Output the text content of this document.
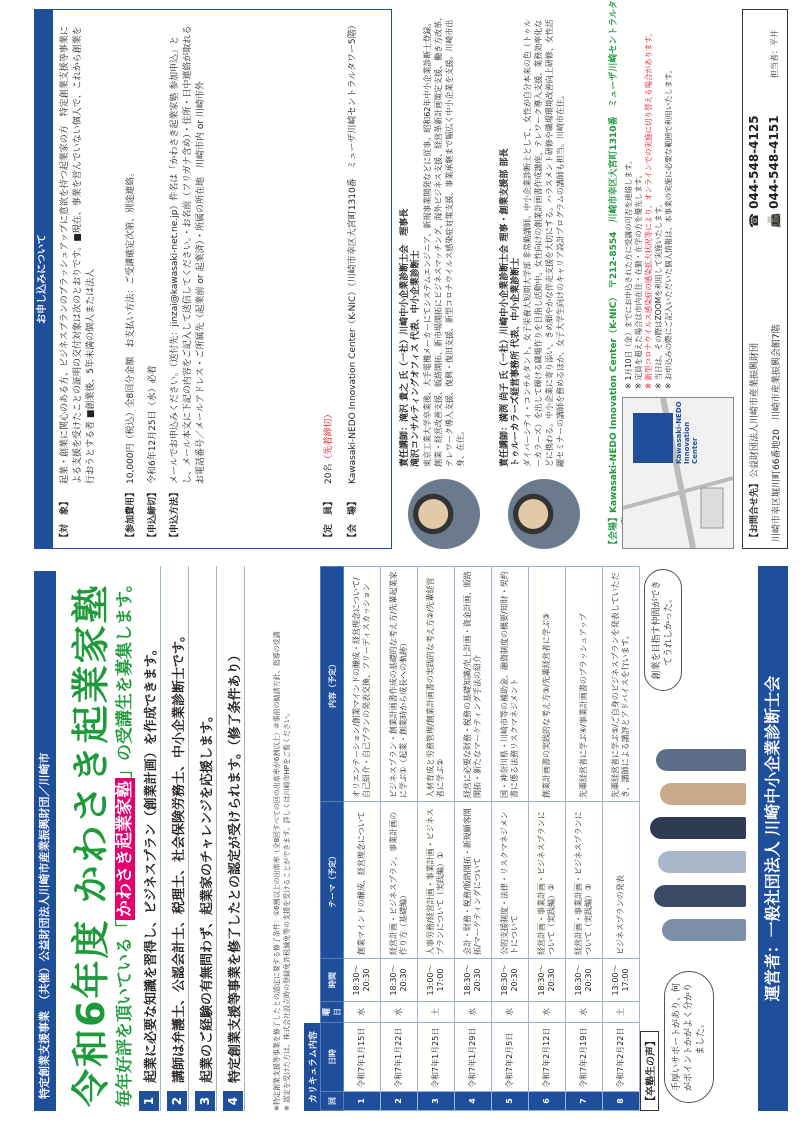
特定創業支援事業　（共催）公益財団法人川崎市産業振興財団／川崎市 令和6年度 かわさき起業家塾 毎年好評を頂いている「かわさき起業家塾」の受講生を募集します。
1
起業に必要な知識を習得し、ビジネスプラン（創業計画）を作成できます。
2
講師は弁護士、公認会計士、税理士、社会保険労務士、中小企業診断士です。
3
起業のご経験の有無問わず、起業家のチャレンジを応援します。
4
特定創業支援等事業を修了したとの認定が受けられます。（修了条件あり）	※特定創業支援等事業を修了したとの認定に要する修了条件：①6割以上の出席率（全8回すべての回の出席率が6割以上）②事前の勧誘方針、指導の受講 ※ 認定を受けた方は、株式会社設立時の登録免許税減免等の支援を受けることができます。詳しくは川崎市HPをご覧ください。	カリキュラム内容 回	日時	曜日	時間	テーマ（予定）	内容（予定）
1	令和7年1月15日	水	18:30～20:30	創業マインドの醸成、経営理念について	オリエンテーション/創業マインドの醸成・経営理念について/自己紹介・自己プランの発表交換、フリーディスカッション
2	令和7年1月22日	水	18:30～20:30	経営計画・ビジネスプラン、事業計画の作り方（基礎編）	ビジネスプラン・創業計画書作成の基礎的な考え方/先輩起業家に学ぶ①（起業・創業時から成長への軌跡）
3	令和7年1月25日	土	13:00～17:00	人事労務/経営計画・事業計画・ビジネスプランについて（実践編）①	人材育成と労務管理/創業計画書の実践的な考え方②/先輩経営者に学ぶ②
4	令和7年1月29日	水	18:30～20:30	会計・財務・税務/販路開拓・新規顧客開拓/マーケティングについて	経営に必要な財務・税務の基礎知識/売上計画・資金計画、販路開拓・新たなマーケティング手法の紹介
5	令和7年2月5日	水	18:30～20:30	公的支援制度・法律・リスクマネジメントについて	国・神奈川県・川崎市等の補助金、融資制度の概要/知財・契約書に係る法務リスクマネジメント
6	令和7年2月12日	水	18:30～20:30	経営計画・事業計画・ビジネスプランについて（実践編）②	創業計画書の実践的な考え方③/先輩経営者に学ぶ③
7	令和7年2月19日	水	18:30～20:30	経営計画・事業計画・ビジネスプランについて（実践編）③	先輩経営者に学ぶ④/事業計画書のブラッシュアップ
8	令和7年2月22日	土	13:00～17:00	ビジネスプランの発表	先輩経営者に学ぶ⑤/ご自身のビジネスプランを発表していただき、講師による講評とアドバイスを行います。
【卒塾生の声】	手厚いサポートがあり、何がポイントかがよく分かりました。
創業を目指す仲間ができてうれしかった。
運営者：一般社団法人 川崎中小企業診断士会
お申し込みについて
【対　象】起業・創業に関心のある方、ビジネスプランのブラッシュアップに意欲を持つ起業家の方　特定創業支援等事業による支援を受けたことの証明の交付対象は次のとおりです。■現在、事業を営んでいない個人で、これから創業を行おうとする者 ■創業後、5年未満の個人または法人
【参加費用】10,000円（税込）全8回分金額　お支払い方法：ご受講確定次第、別途連絡。
【申込締切】令和6年12月25日（水）必着
【申込方法】メールでお申込みください。（送付先：jinzai@kawasaki-net.ne.jp）件名は「かわさき起業家塾 参加申込」とし、メール本文に下記の内容をご記入して送信してください。・お名前（フリガナ含め）・住所・日中連絡が取れるお電話番号／メールアドレス・ご所属先（起業前 or 起業済）・所属の所在地　川崎市内 or 川崎市外
【定　員】20名（先着締切）
【会　場】Kawasaki-NEDO Innovation Center（K-NIC）（川崎市幸区大宮町1310番　ミューザ川崎セントラルタワー5階）	責任講師：滝沢 貴之 氏（一社）川崎中小企業診断士会　理事長 滝沢コンサルティングオフィス 代表、中小企業診断士 東京工業大学卒業後、大手電機メーカーにてシステムエンジニア、新規事業開発などに従事。昭和62年中小企業診断士登録。創業・経営改善支援、販路開拓、新市場開拓にビジネスマッチング、海外ビジネス支援、経営革新計画策定支援、働き方改革、テレワーク導入支援、復興・復旧支援、新型コロナウイルス感染症対策支援、事業承継まで幅広く中小企業を支援。川崎市出身、在住。	責任講師：満渕 尚子 氏（一社）川崎中小企業診断士会 理事・創業支援部 部長 トゥルーカラーズ経営事務所 代表、中小企業診断士 ダイバーシティ・コンサルタント。女子栄養大短期大学部 非常勤講師。中小企業診断士として、女性が自分本来の色（トゥルーカラーズ）を出して輝ける職場作りを目指し活動中。女性向けの創業計画書作成講座、テレワーク導入支援、業務効率化などに携わる。中小企業に寄り添い、きめ細やかな伴走支援を大切にする。ハラスメント研修や職場環境改善向上研修、女性活躍セミナーの講師を務めるほか、女子大学生向けのキャリア設計プログラムの講師も担当。川崎市在住。
【会場】Kawasaki-NEDO Innovation Center（K-NIC）　〒212-8554　川崎市幸区大宮町1310番　ミューザ川崎セントラルタ
Kawasaki-NEDO Innovation Center
※ 1月10日（金）までにお申込された方に受講の可否を連絡します。 ※ 定員を超えた場合は市内在住・在勤・在学の方を優先します。 ※ 新型コロナウイルス感染症の感染拡大状況等により、オンラインでの実施に切り替える場合があります。 ※ 当日は、その際はZOOMを利用して実施いたします。 ※ お申込みの際にご記入いただいた個人情報は、本事業の実施に必要な範囲で利用いたします。
【お問合せ先】
公益財団法人川崎市産業振興財団	川崎市幸区堀川町66番地20　川崎市産業振興会館7階
☎ 044-548-4125 📠 044-548-4151
担当者：平井
